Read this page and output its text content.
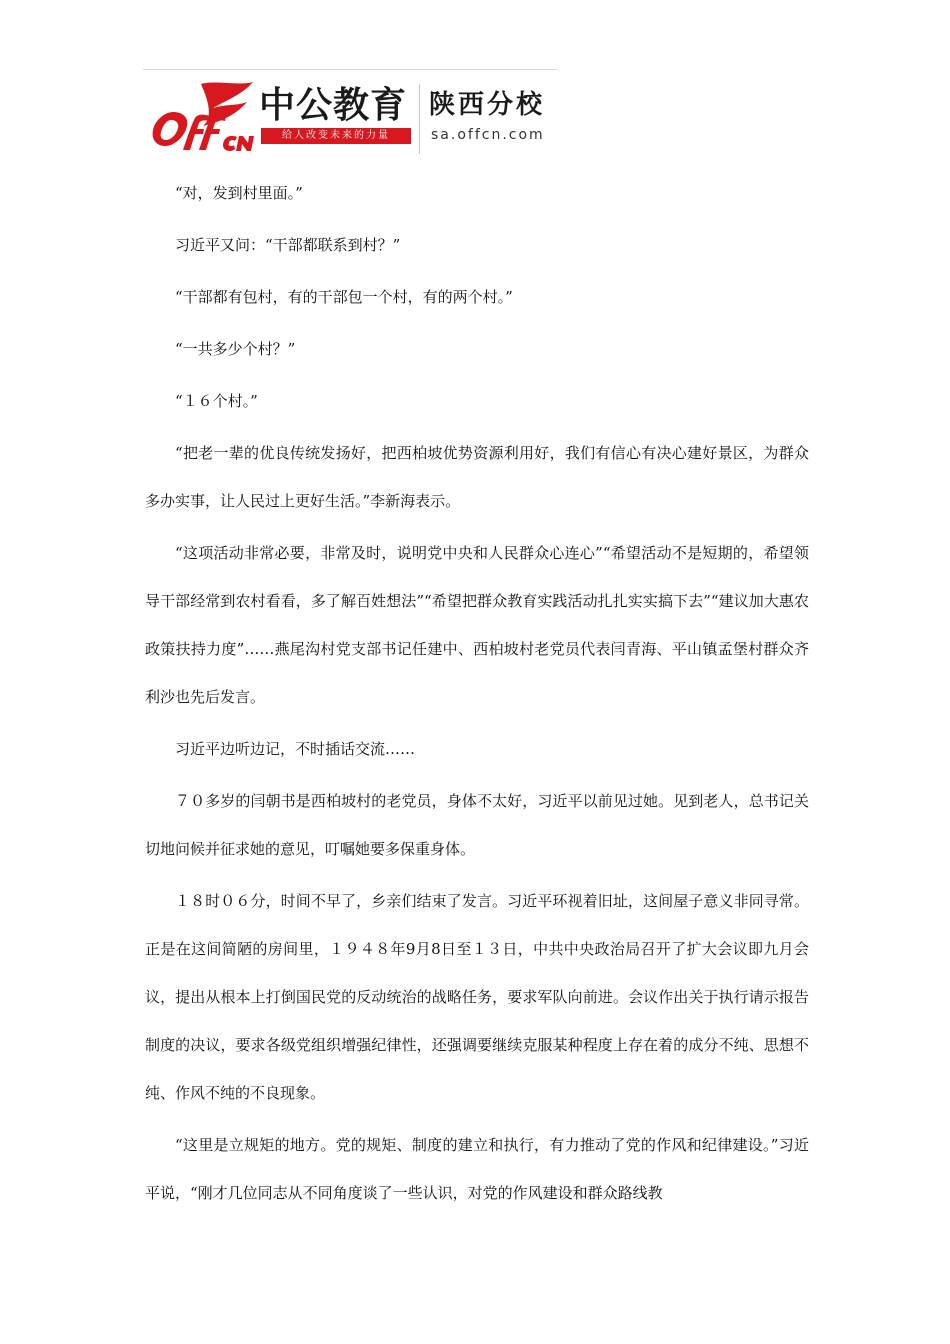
中公教育
给人改变未来的力量
陕西分校
sa.offcn.com

“对，发到村里面。”

习近平又问：“干部都联系到村？”

“干部都有包村，有的干部包一个村，有的两个村。”

“一共多少个村？”

“１６个村。”

“把老一辈的优良传统发扬好，把西柏坡优势资源利用好，我们有信心有决心建好景区，为群众多办实事，让人民过上更好生活。”李新海表示。

“这项活动非常必要，非常及时，说明党中央和人民群众心连心”“希望活动不是短期的，希望领导干部经常到农村看看，多了解百姓想法”“希望把群众教育实践活动扎扎实实搞下去”“建议加大惠农政策扶持力度”……燕尾沟村党支部书记任建中、西柏坡村老党员代表闫青海、平山镇孟堡村群众齐利沙也先后发言。

习近平边听边记，不时插话交流……

７０多岁的闫朝书是西柏坡村的老党员，身体不太好，习近平以前见过她。见到老人，总书记关切地问候并征求她的意见，叮嘱她要多保重身体。

１８时０６分，时间不早了，乡亲们结束了发言。习近平环视着旧址，这间屋子意义非同寻常。正是在这间简陋的房间里，１９４８年9月8日至１３日，中共中央政治局召开了扩大会议即九月会议，提出从根本上打倒国民党的反动统治的战略任务，要求军队向前进。会议作出关于执行请示报告制度的决议，要求各级党组织增强纪律性，还强调要继续克服某种程度上存在着的成分不纯、思想不纯、作风不纯的不良现象。

“这里是立规矩的地方。党的规矩、制度的建立和执行，有力推动了党的作风和纪律建设。”习近平说，“刚才几位同志从不同角度谈了一些认识，对党的作风建设和群众路线教
